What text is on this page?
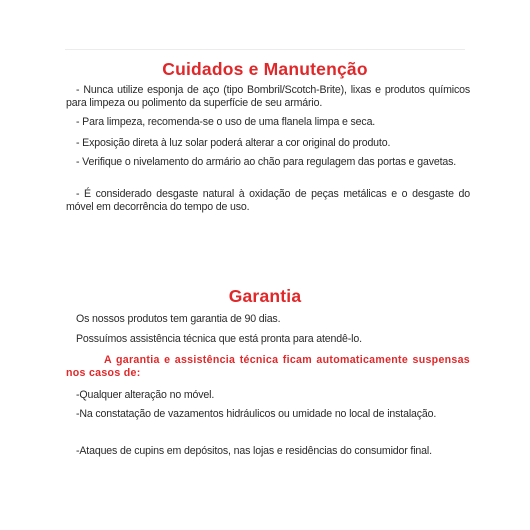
Cuidados e Manutenção

- Nunca utilize esponja de aço (tipo Bombril/Scotch-Brite), lixas e produtos químicos para limpeza ou polimento da superfície de seu armário.

- Para limpeza, recomenda-se o uso de uma flanela limpa e seca.

- Exposição direta à luz solar poderá alterar a cor original do produto.

- Verifique o nivelamento do armário ao chão para regulagem das portas e gavetas.

- É considerado desgaste natural à oxidação de peças metálicas e o desgaste do móvel em decorrência do tempo de uso.

Garantia

Os nossos produtos tem garantia de 90 dias.

Possuímos assistência técnica que está pronta para atendê-lo.

A garantia e assistência técnica ficam automaticamente suspensas nos casos de:

-Qualquer alteração no móvel.

-Na constatação de vazamentos hidráulicos ou umidade no local de instalação.

-Ataques de cupins em depósitos, nas lojas e residências do consumidor final.
